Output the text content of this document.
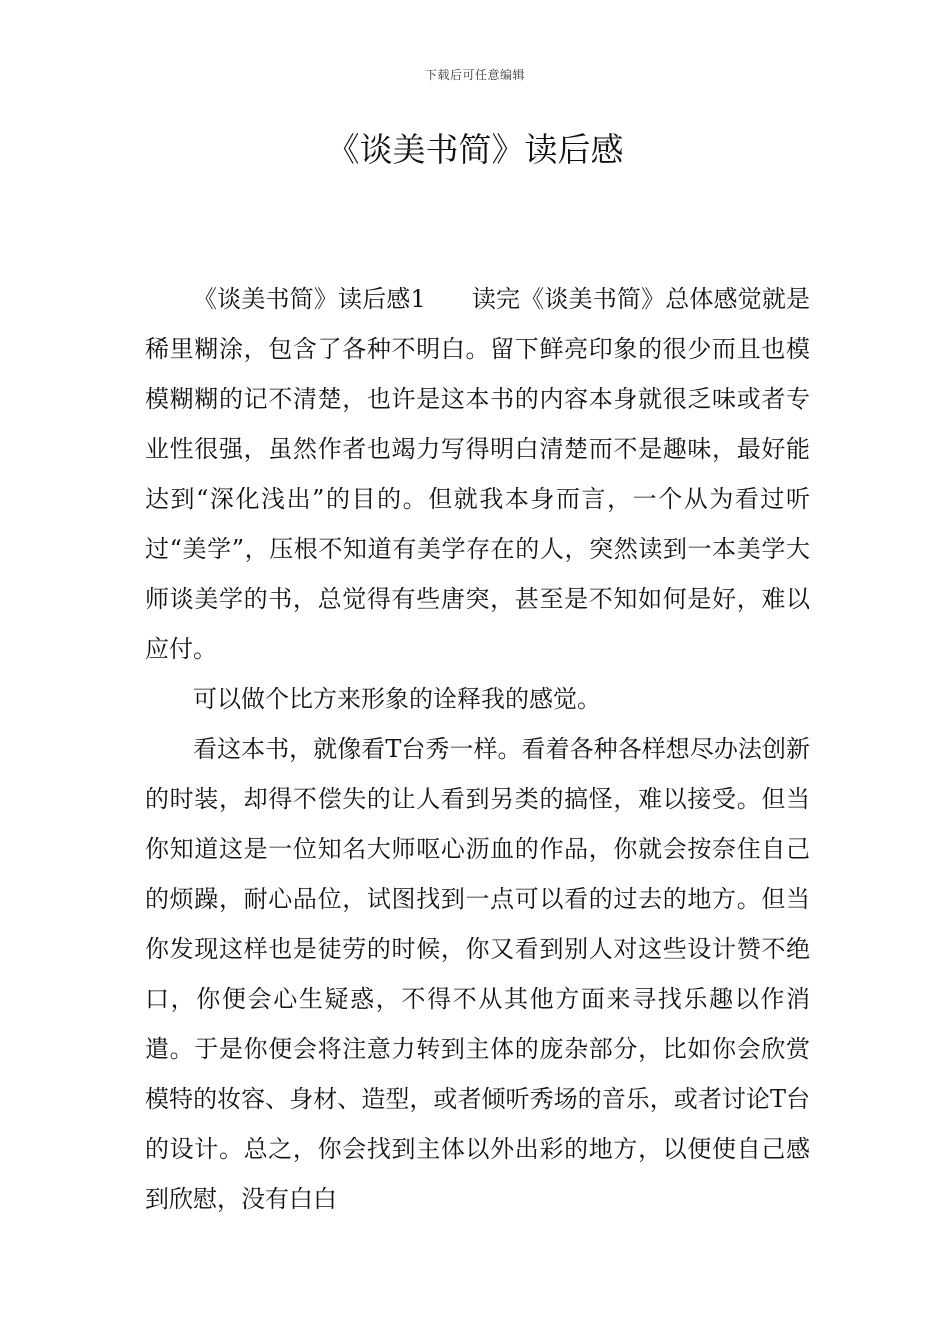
下载后可任意编辑
《谈美书简》读后感

《谈美书简》读后感1 读完《谈美书简》总体感觉就是稀里糊涂，包含了各种不明白。留下鲜亮印象的很少而且也模模糊糊的记不清楚，也许是这本书的内容本身就很乏味或者专业性很强，虽然作者也竭力写得明白清楚而不是趣味，最好能达到“深化浅出”的目的。但就我本身而言，一个从为看过听过“美学”，压根不知道有美学存在的人，突然读到一本美学大师谈美学的书，总觉得有些唐突，甚至是不知如何是好，难以应付。

可以做个比方来形象的诠释我的感觉。

看这本书，就像看T台秀一样。看着各种各样想尽办法创新的时装，却得不偿失的让人看到另类的搞怪，难以接受。但当你知道这是一位知名大师呕心沥血的作品，你就会按奈住自己的烦躁，耐心品位，试图找到一点可以看的过去的地方。但当你发现这样也是徒劳的时候，你又看到别人对这些设计赞不绝口，你便会心生疑惑，不得不从其他方面来寻找乐趣以作消遣。于是你便会将注意力转到主体的庞杂部分，比如你会欣赏模特的妆容、身材、造型，或者倾听秀场的音乐，或者讨论T台的设计。总之，你会找到主体以外出彩的地方，以便使自己感到欣慰，没有白白
